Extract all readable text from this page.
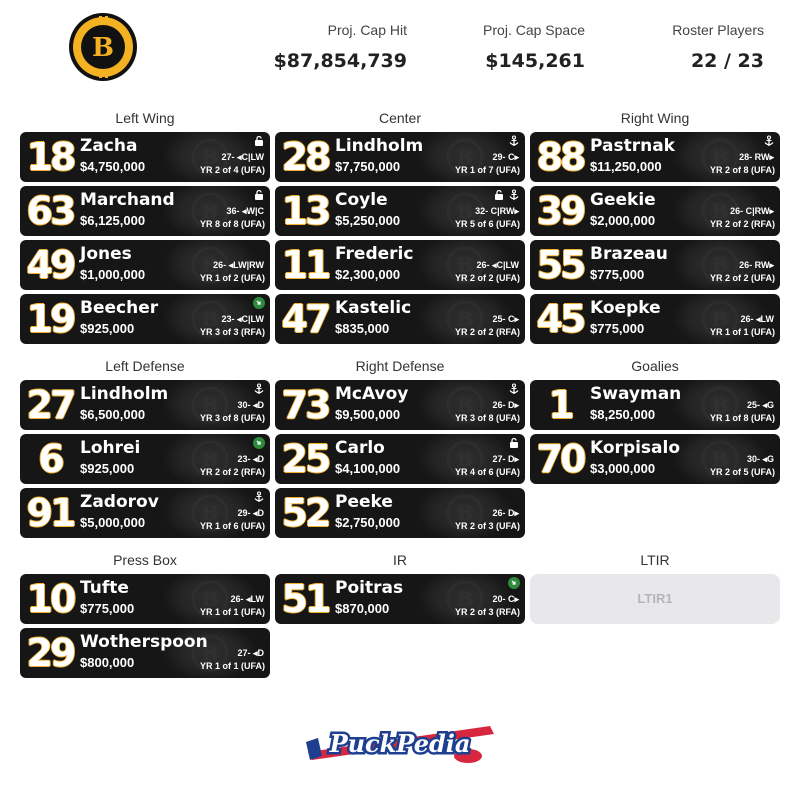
B
Proj. Cap Hit
$87,854,739
Proj. Cap Space
$145,261
Roster Players
22 / 23
Left Wing	Center	Right Wing
Left Defense	Right Defense	Goalies
Press Box	IR	LTIR
B
18 Zacha
$4,750,000
27- ◂C|LW
YR 2 of 4 (UFA)
B
63 Marchand
$6,125,000
36- ◂W|C
YR 8 of 8 (UFA)
B
49 Jones
$1,000,000
26- ◂LW|RW
YR 1 of 2 (UFA)
B
19 Beecher
$925,000
23- ◂C|LW
YR 3 of 3 (RFA)
B
28 Lindholm
$7,750,000
29- C▸
YR 1 of 7 (UFA)
B
13 Coyle
$5,250,000
32- C|RW▸
YR 5 of 6 (UFA)
B
11 Frederic
$2,300,000
26- ◂C|LW
YR 2 of 2 (UFA)
B
47 Kastelic
$835,000
25- C▸
YR 2 of 2 (RFA)
B
88 Pastrnak
$11,250,000
28- RW▸
YR 2 of 8 (UFA)
B
39 Geekie
$2,000,000
26- C|RW▸
YR 2 of 2 (RFA)
B
55 Brazeau
$775,000
26- RW▸
YR 2 of 2 (UFA)
B
45 Koepke
$775,000
26- ◂LW
YR 1 of 1 (UFA)
B
27 Lindholm
$6,500,000
30- ◂D
YR 3 of 8 (UFA)
B
6	Lohrei
$925,000
23- ◂D
YR 2 of 2 (RFA)
B
91 Zadorov
$5,000,000
29- ◂D
YR 1 of 6 (UFA)
B
73 McAvoy
$9,500,000
26- D▸
YR 3 of 8 (UFA)
B
25 Carlo
$4,100,000
27- D▸
YR 4 of 6 (UFA)
B
52 Peeke
$2,750,000
26- D▸
YR 2 of 3 (UFA)
B
1	Swayman
$8,250,000
25- ◂G
YR 1 of 8 (UFA)
B
70 Korpisalo
$3,000,000
30- ◂G
YR 2 of 5 (UFA)
B
10 Tufte
$775,000
26- ◂LW
YR 1 of 1 (UFA)
B
29 Wotherspoon
$800,000
27- ◂D
YR 1 of 1 (UFA)
B
51 Poitras
$870,000
20- C▸
YR 2 of 3 (RFA)
LTIR1
PuckPedia
